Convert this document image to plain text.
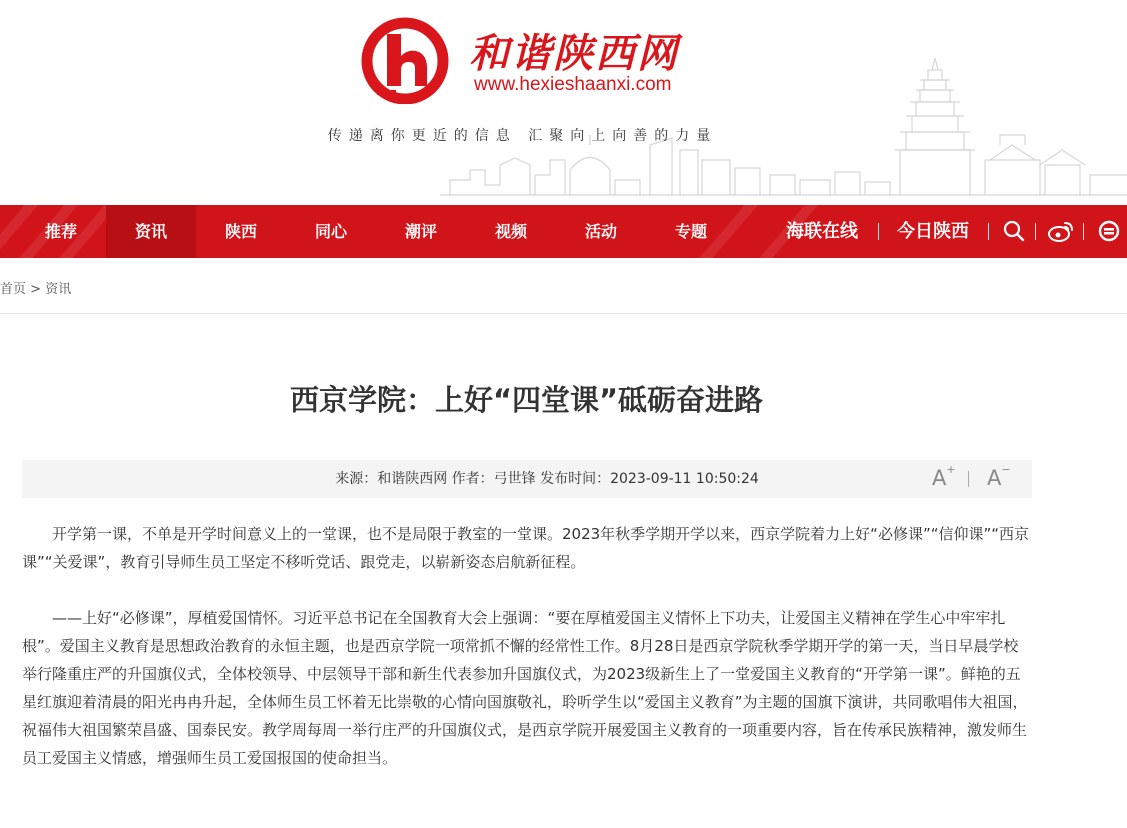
和谐陕西网
www.hexieshaanxi.com
传递离你更近的信息 汇聚向上向善的力量
推荐	资讯	陕西	同心	潮评	视频	活动	专题	海联在线 今日陕西
首页 > 资讯
西京学院：上好“四堂课”砥砺奋进路
来源：和谐陕西网 作者：弓世锋 发布时间：2023-09-11 10:50:24	A+ A−

开学第一课，不单是开学时间意义上的一堂课，也不是局限于教室的一堂课。2023年秋季学期开学以来，西京学院着力上好“必修课”“信仰课”“西京课”“关爱课”，教育引导师生员工坚定不移听党话、跟党走，以崭新姿态启航新征程。

——上好“必修课”，厚植爱国情怀。习近平总书记在全国教育大会上强调：“要在厚植爱国主义情怀上下功夫，让爱国主义精神在学生心中牢牢扎根”。爱国主义教育是思想政治教育的永恒主题，也是西京学院一项常抓不懈的经常性工作。8月28日是西京学院秋季学期开学的第一天，当日早晨学校举行隆重庄严的升国旗仪式，全体校领导、中层领导干部和新生代表参加升国旗仪式，为2023级新生上了一堂爱国主义教育的“开学第一课”。鲜艳的五星红旗迎着清晨的阳光冉冉升起，全体师生员工怀着无比崇敬的心情向国旗敬礼，聆听学生以“爱国主义教育”为主题的国旗下演讲，共同歌唱伟大祖国，祝福伟大祖国繁荣昌盛、国泰民安。教学周每周一举行庄严的升国旗仪式，是西京学院开展爱国主义教育的一项重要内容，旨在传承民族精神，激发师生员工爱国主义情感，增强师生员工爱国报国的使命担当。
